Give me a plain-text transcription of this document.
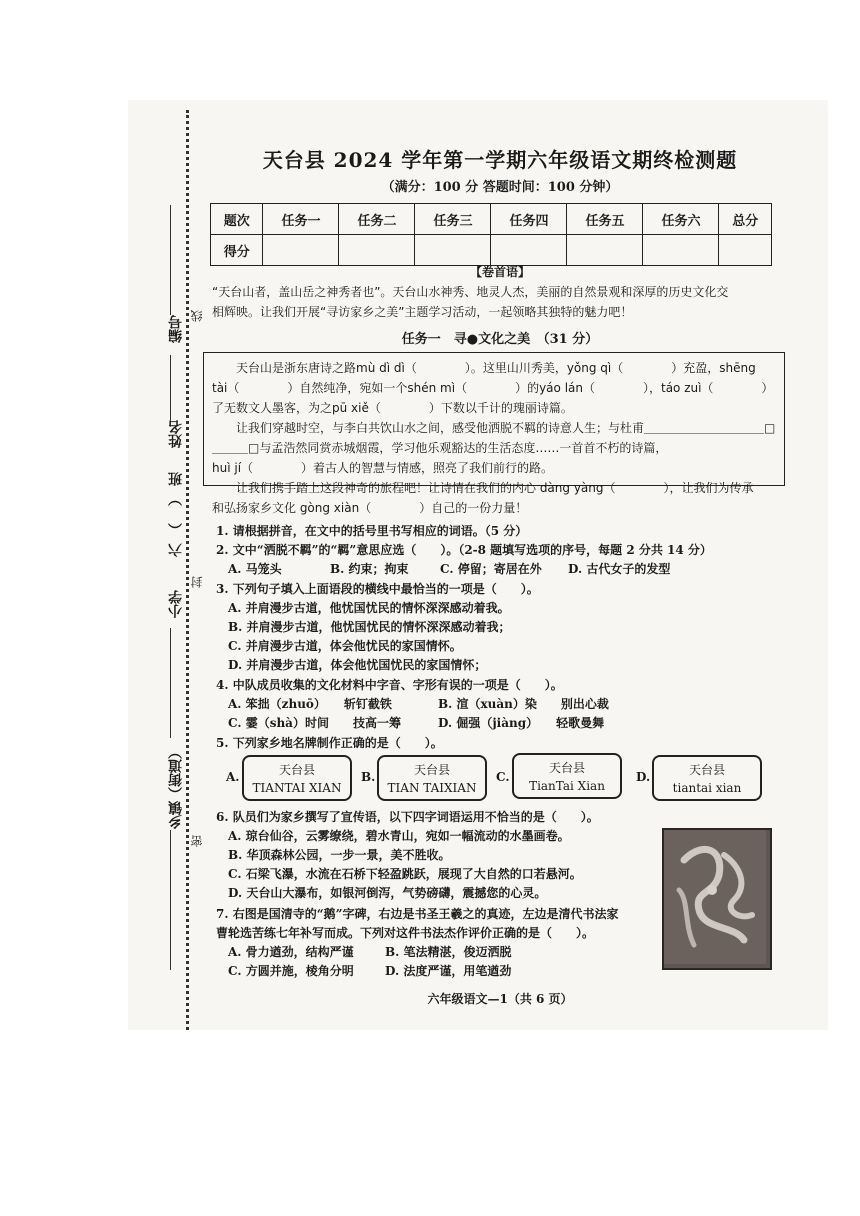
编号 线
姓名
六（ ）班
封
小学
乡镇（街道）
密
天台县 2024 学年第一学期六年级语文期终检测题
（满分：100 分 答题时间：100 分钟）
题次	任务一	任务二	任务三	任务四	任务五	任务六	总分
得分							
【卷首语】
“天台山者，盖山岳之神秀者也”。天台山水神秀、地灵人杰，美丽的自然景观和深厚的历史文化交
相辉映。让我们开展“寻访家乡之美”主题学习活动，一起领略其独特的魅力吧！
任务一　寻●文化之美　（31 分）
　　天台山是浙东唐诗之路mù dì dì（　　　　）。这里山川秀美，yǒng qì（　　　　）充盈，shēng
tài（　　　　）自然纯净，宛如一个shén mì（　　　　）的yáo lán（　　　　），táo zuì（　　　　）
了无数文人墨客，为之pū xiě（　　　　）下数以千计的瑰丽诗篇。
　　让我们穿越时空，与李白共饮山水之间，感受他洒脱不羁的诗意人生；与杜甫＿＿＿＿＿＿＿＿＿＿□
＿＿＿□与孟浩然同赏赤城烟霞，学习他乐观豁达的生活态度……一首首不朽的诗篇，
huì jí（　　　　）着古人的智慧与情感，照亮了我们前行的路。
　　让我们携手踏上这段神奇的旅程吧！让诗情在我们的内心 dàng yàng（　　　　），让我们为传承
和弘扬家乡文化 gòng xiàn（　　　　）自己的一份力量！
1. 请根据拼音，在文中的括号里书写相应的词语。（5 分）
2. 文中“洒脱不羁”的“羁”意思应选（　　）。（2-8 题填写选项的序号，每题 2 分共 14 分）
A. 马笼头	B. 约束；拘束	C. 停留；寄居在外 D. 古代女子的发型
3. 下列句子填入上面语段的横线中最恰当的一项是（　　）。
A. 并肩漫步古道，他忧国忧民的情怀深深感动着我。
B. 并肩漫步古道，他忧国忧民的情怀深深感动着我；
C. 并肩漫步古道，体会他忧民的家国情怀。
D. 并肩漫步古道，体会他忧国忧民的家国情怀；
4. 中队成员收集的文化材料中字音、字形有误的一项是（　　）。
A. 笨拙（zhuō）　　斩钉截铁	B. 渲（xuàn）染　　别出心裁
C. 霎（shà）时间　　技高一筹	D. 倔强（jiàng）　　轻歌曼舞
5. 下列家乡地名牌制作正确的是（　　）。
A.	天台县
TIANTAI XIAN
B.	天台县
TIAN TAIXIAN
C.
天台县
TianTai Xian
D.	天台县
tiantai xian
6. 队员们为家乡撰写了宣传语，以下四字词语运用不恰当的是（　　）。
A. 琼台仙谷，云雾缭绕，碧水青山，宛如一幅流动的水墨画卷。
B. 华顶森林公园，一步一景，美不胜收。
C. 石梁飞瀑，水流在石桥下轻盈跳跃，展现了大自然的口若悬河。
D. 天台山大瀑布，如银河倒泻，气势磅礴，震撼您的心灵。
7. 右图是国清寺的“鹅”字碑，右边是书圣王羲之的真迹，左边是清代书法家
曹轮选苦练七年补写而成。下列对这件书法杰作评价正确的是（　　）。
A. 骨力遒劲，结构严谨	B. 笔法精湛，俊迈洒脱
C. 方圆并施，棱角分明	D. 法度严谨，用笔遒劲
六年级语文—1（共 6 页）
